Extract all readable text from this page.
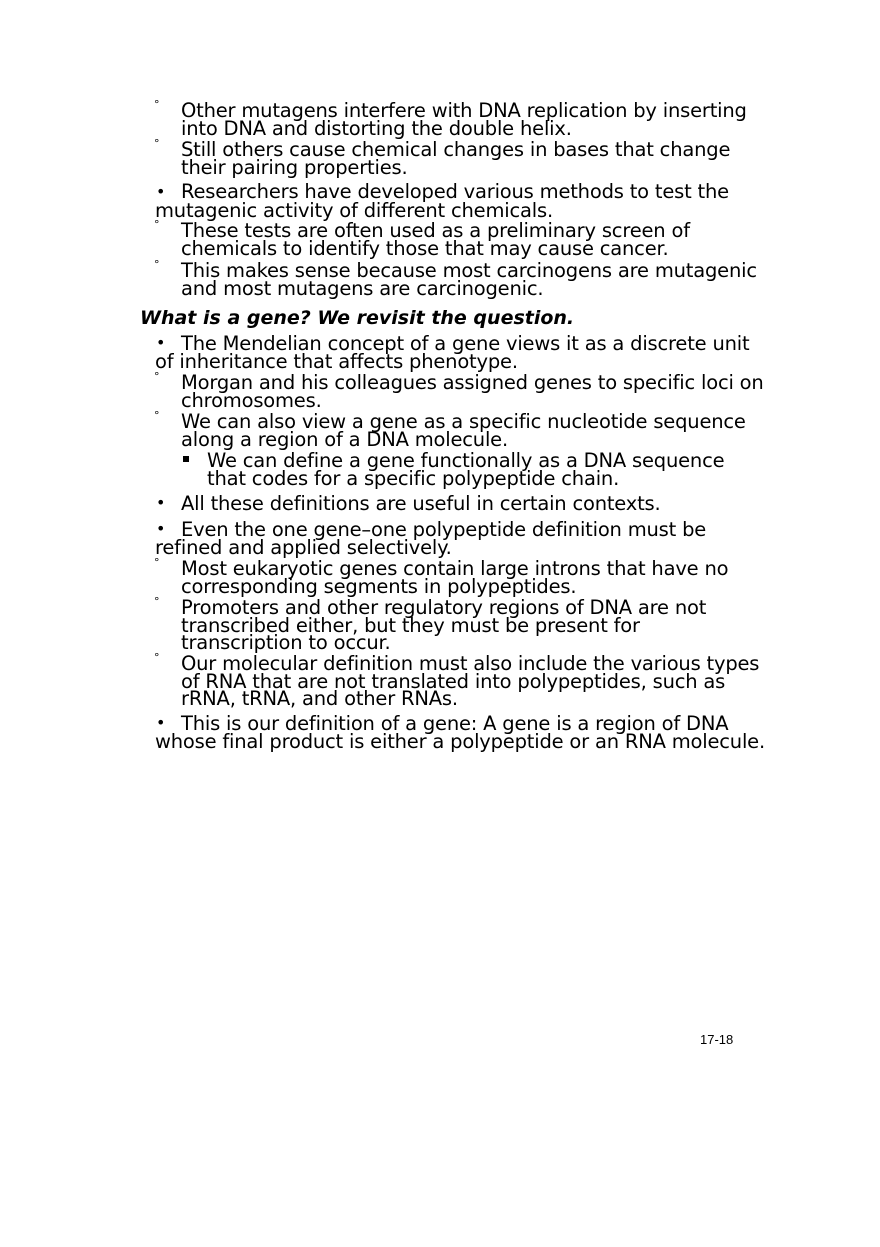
° Other mutagens interfere with DNA replication by inserting
into DNA and distorting the double helix.
° Still others cause chemical changes in bases that change
their pairing properties.
• Researchers have developed various methods to test the
mutagenic activity of different chemicals.
° These tests are often used as a preliminary screen of
chemicals to identify those that may cause cancer.
° This makes sense because most carcinogens are mutagenic
and most mutagens are carcinogenic.
What is a gene? We revisit the question.
• The Mendelian concept of a gene views it as a discrete unit
of inheritance that affects phenotype.
° Morgan and his colleagues assigned genes to specific loci on
chromosomes.
° We can also view a gene as a specific nucleotide sequence
along a region of a DNA molecule.
We can define a gene functionally as a DNA sequence
that codes for a specific polypeptide chain.
• All these definitions are useful in certain contexts.
• Even the one gene–one polypeptide definition must be
refined and applied selectively.
° Most eukaryotic genes contain large introns that have no
corresponding segments in polypeptides.
° Promoters and other regulatory regions of DNA are not
transcribed either, but they must be present for
transcription to occur.
° Our molecular definition must also include the various types
of RNA that are not translated into polypeptides, such as
rRNA, tRNA, and other RNAs.
• This is our definition of a gene: A gene is a region of DNA
whose final product is either a polypeptide or an RNA molecule.
17-18
